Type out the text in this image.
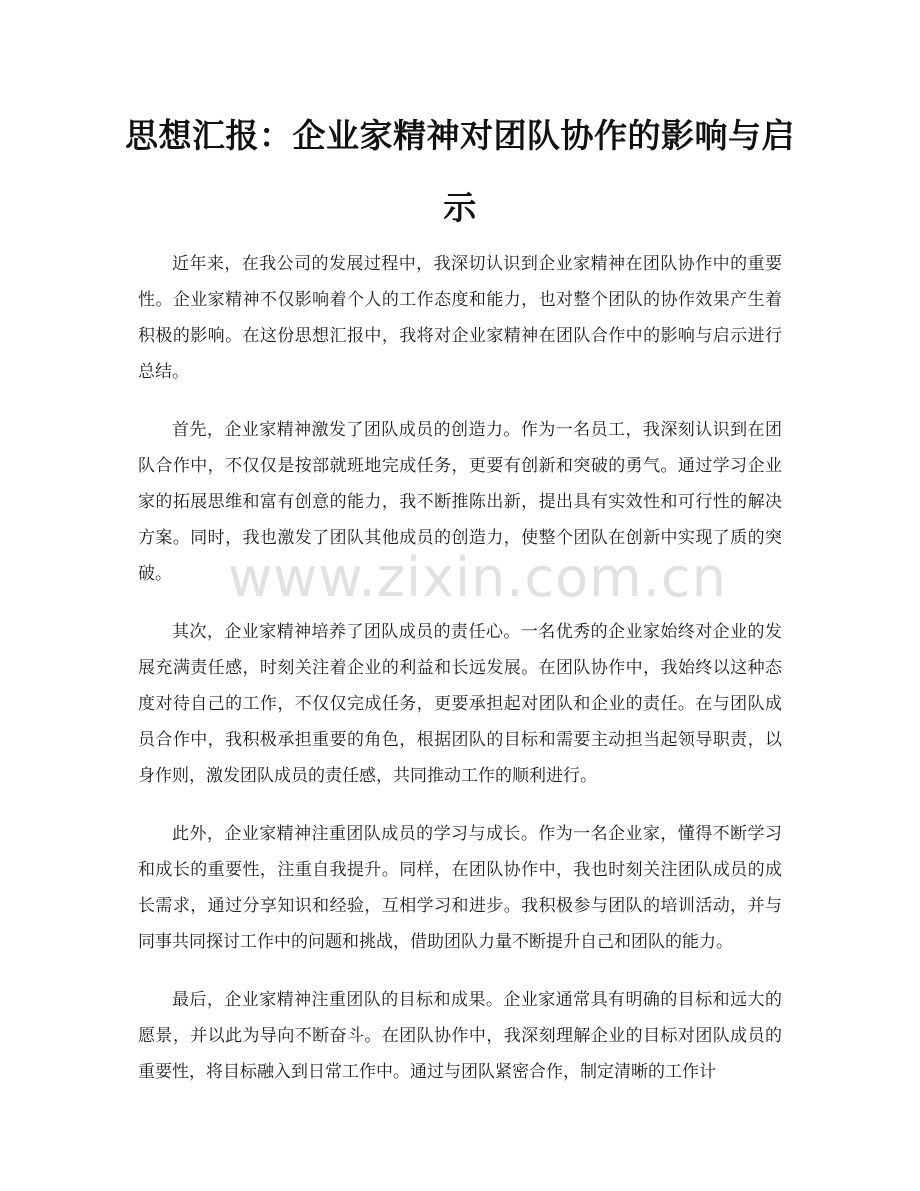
思想汇报：企业家精神对团队协作的影响与启示

近年来，在我公司的发展过程中，我深切认识到企业家精神在团队协作中的重要性。企业家精神不仅影响着个人的工作态度和能力，也对整个团队的协作效果产生着积极的影响。在这份思想汇报中，我将对企业家精神在团队合作中的影响与启示进行总结。

首先，企业家精神激发了团队成员的创造力。作为一名员工，我深刻认识到在团队合作中，不仅仅是按部就班地完成任务，更要有创新和突破的勇气。通过学习企业家的拓展思维和富有创意的能力，我不断推陈出新，提出具有实效性和可行性的解决方案。同时，我也激发了团队其他成员的创造力，使整个团队在创新中实现了质的突破。

其次，企业家精神培养了团队成员的责任心。一名优秀的企业家始终对企业的发展充满责任感，时刻关注着企业的利益和长远发展。在团队协作中，我始终以这种态度对待自己的工作，不仅仅完成任务，更要承担起对团队和企业的责任。在与团队成员合作中，我积极承担重要的角色，根据团队的目标和需要主动担当起领导职责，以身作则，激发团队成员的责任感，共同推动工作的顺利进行。

此外，企业家精神注重团队成员的学习与成长。作为一名企业家，懂得不断学习和成长的重要性，注重自我提升。同样，在团队协作中，我也时刻关注团队成员的成长需求，通过分享知识和经验，互相学习和进步。我积极参与团队的培训活动，并与同事共同探讨工作中的问题和挑战，借助团队力量不断提升自己和团队的能力。

最后，企业家精神注重团队的目标和成果。企业家通常具有明确的目标和远大的愿景，并以此为导向不断奋斗。在团队协作中，我深刻理解企业的目标对团队成员的重要性，将目标融入到日常工作中。通过与团队紧密合作，制定清晰的工作计

www.zixin.com.cn
